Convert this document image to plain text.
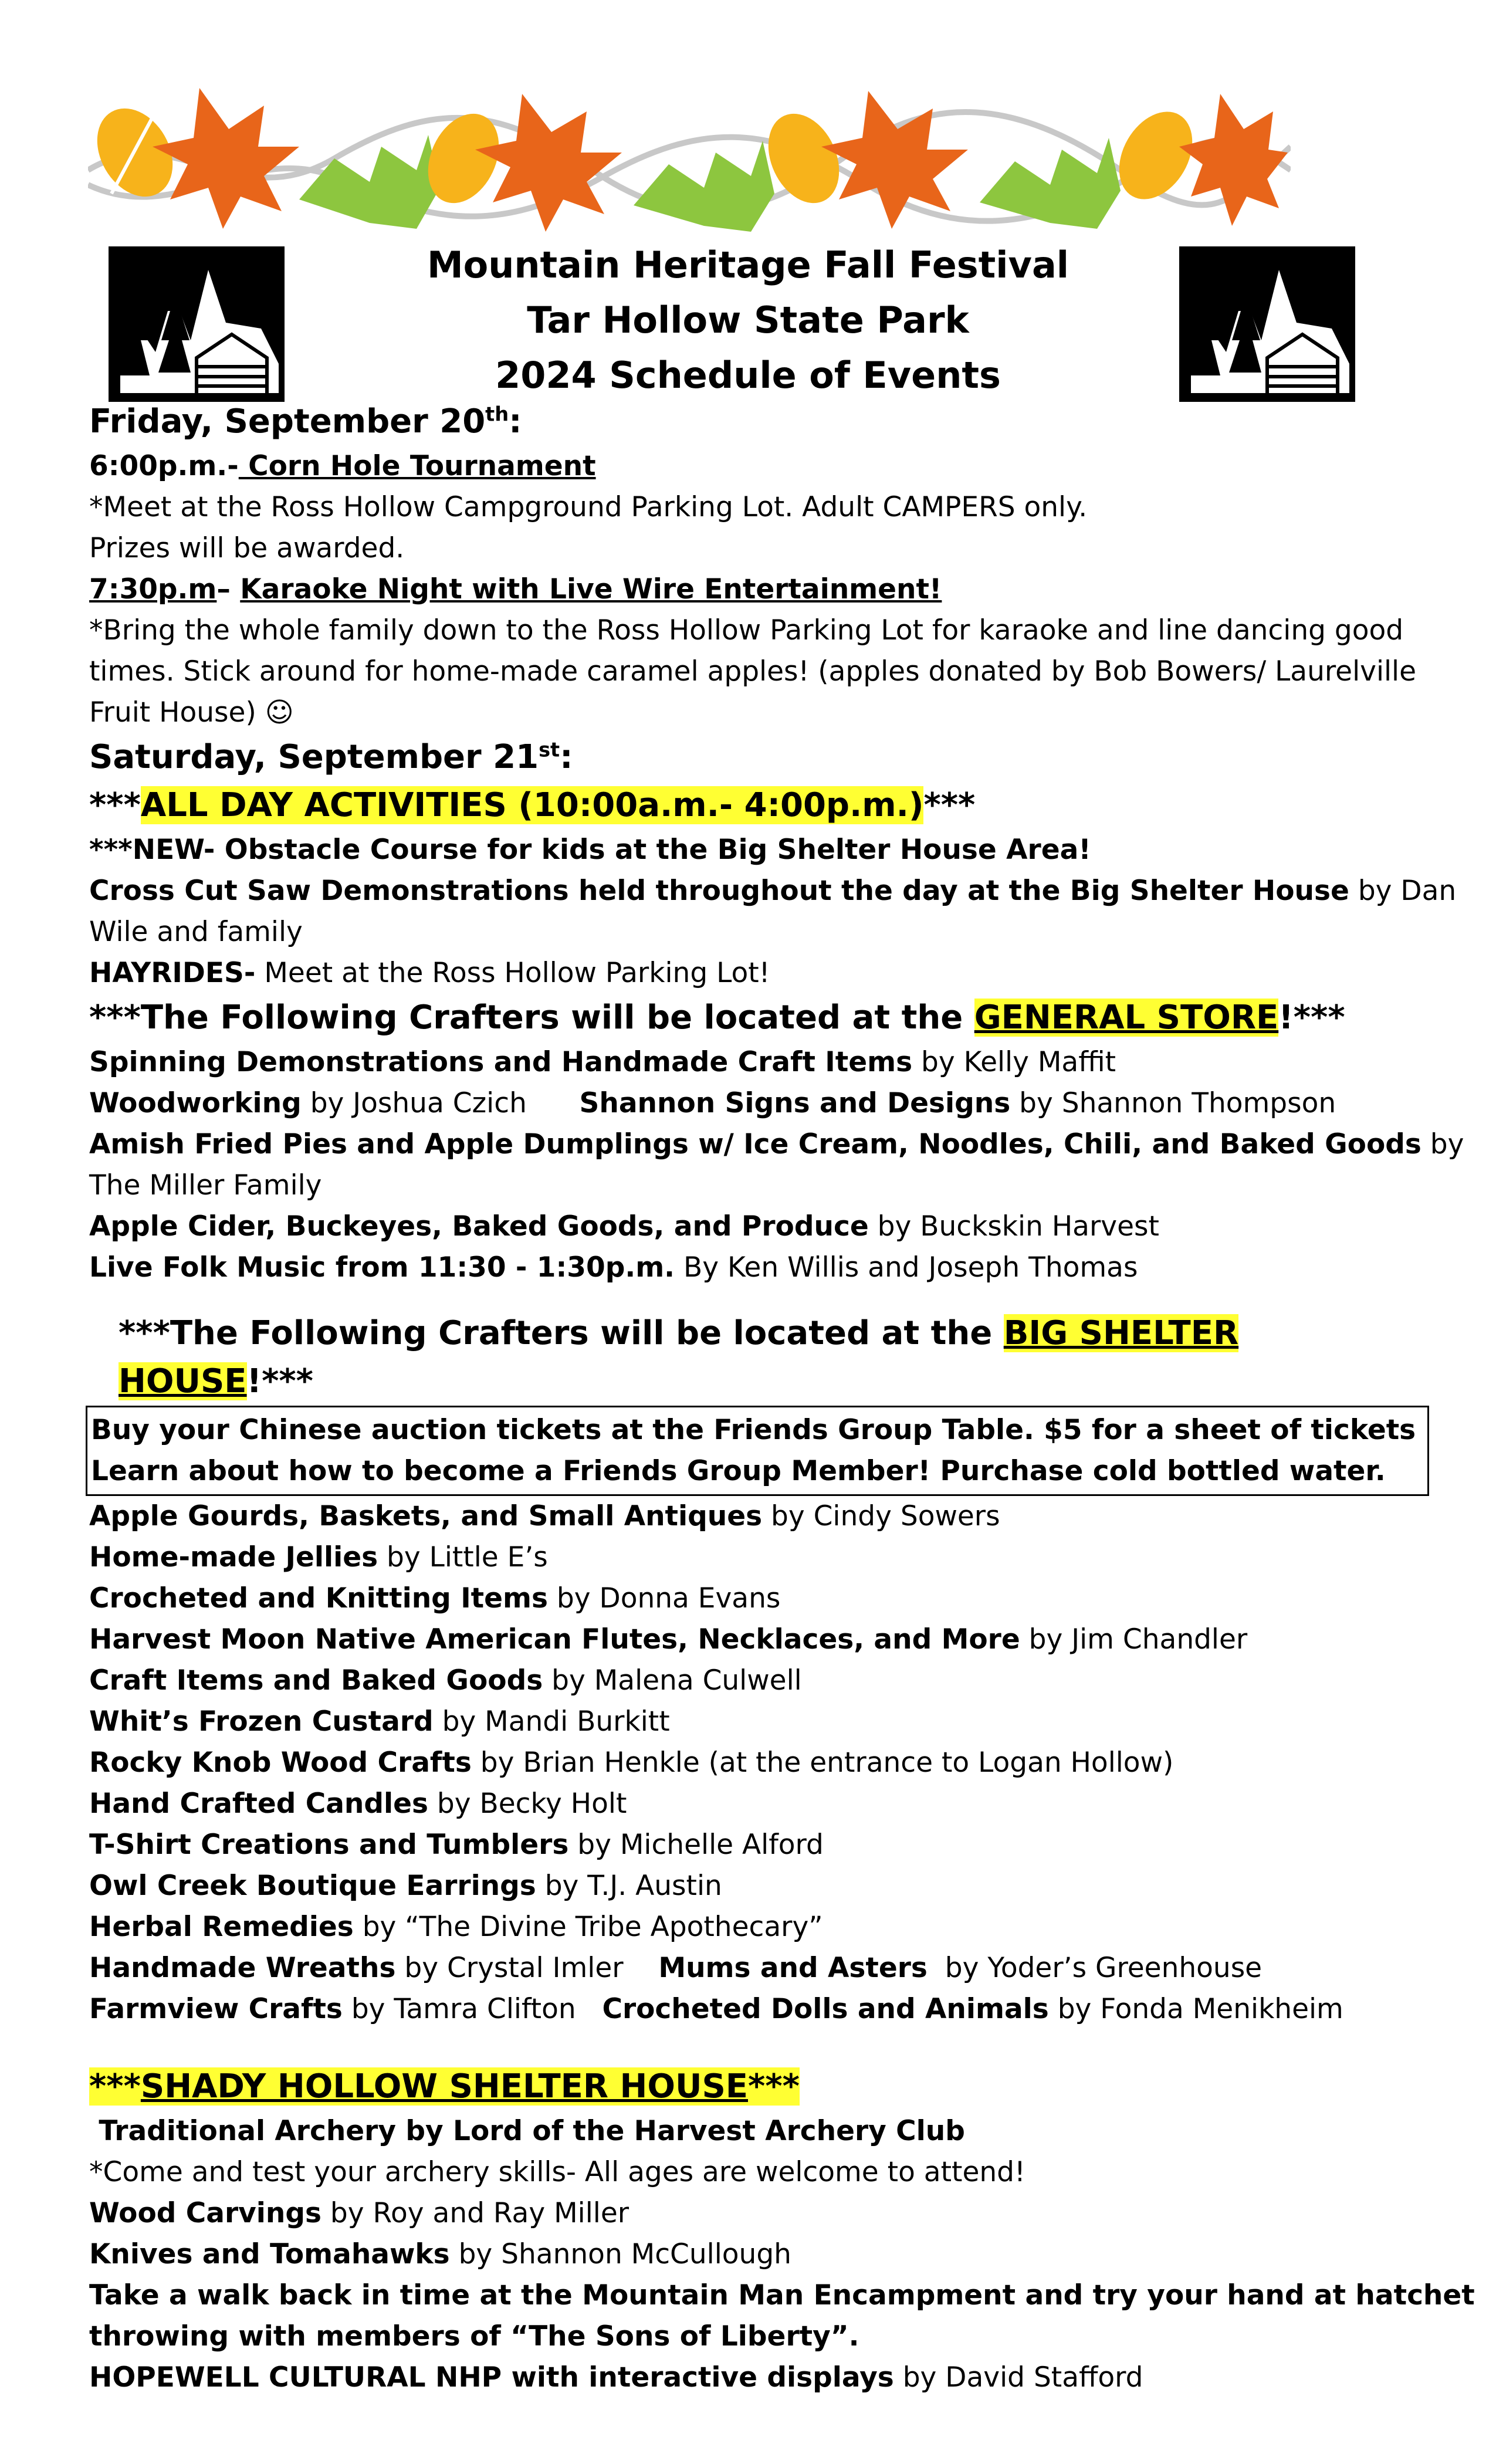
Mountain Heritage Fall Festival
Tar Hollow State Park
2024 Schedule of Events
Friday, September 20th:
6:00p.m.- Corn Hole Tournament
*Meet at the Ross Hollow Campground Parking Lot. Adult CAMPERS only.
Prizes will be awarded.
7:30p.m– Karaoke Night with Live Wire Entertainment!
*Bring the whole family down to the Ross Hollow Parking Lot for karaoke and line dancing good
times. Stick around for home-made caramel apples! (apples donated by Bob Bowers/ Laurelville
Fruit House) ☺
Saturday, September 21st:
***ALL DAY ACTIVITIES (10:00a.m.- 4:00p.m.)***
***NEW- Obstacle Course for kids at the Big Shelter House Area!
Cross Cut Saw Demonstrations held throughout the day at the Big Shelter House by Dan
Wile and family
HAYRIDES- Meet at the Ross Hollow Parking Lot!
***The Following Crafters will be located at the GENERAL STORE!***
Spinning Demonstrations and Handmade Craft Items by Kelly Maffit
Woodworking by Joshua Czich      Shannon Signs and Designs by Shannon Thompson
Amish Fried Pies and Apple Dumplings w/ Ice Cream, Noodles, Chili, and Baked Goods by
The Miller Family
Apple Cider, Buckeyes, Baked Goods, and Produce by Buckskin Harvest
Live Folk Music from 11:30 - 1:30p.m. By Ken Willis and Joseph Thomas
***The Following Crafters will be located at the BIG SHELTER HOUSE!***
Buy your Chinese auction tickets at the Friends Group Table. $5 for a sheet of tickets
Learn about how to become a Friends Group Member! Purchase cold bottled water.
Apple Gourds, Baskets, and Small Antiques by Cindy Sowers
Home-made Jellies by Little E’s
Crocheted and Knitting Items by Donna Evans
Harvest Moon Native American Flutes, Necklaces, and More by Jim Chandler
Craft Items and Baked Goods by Malena Culwell
Whit’s Frozen Custard by Mandi Burkitt
Rocky Knob Wood Crafts by Brian Henkle (at the entrance to Logan Hollow)
Hand Crafted Candles by Becky Holt
T-Shirt Creations and Tumblers by Michelle Alford
Owl Creek Boutique Earrings by T.J. Austin
Herbal Remedies by “The Divine Tribe Apothecary”
Handmade Wreaths by Crystal Imler    Mums and Asters  by Yoder’s Greenhouse
Farmview Crafts by Tamra Clifton   Crocheted Dolls and Animals by Fonda Menikheim
***SHADY HOLLOW SHELTER HOUSE***
Traditional Archery by Lord of the Harvest Archery Club
*Come and test your archery skills- All ages are welcome to attend!
Wood Carvings by Roy and Ray Miller
Knives and Tomahawks by Shannon McCullough
Take a walk back in time at the Mountain Man Encampment and try your hand at hatchet
throwing with members of “The Sons of Liberty”.
HOPEWELL CULTURAL NHP with interactive displays by David Stafford
